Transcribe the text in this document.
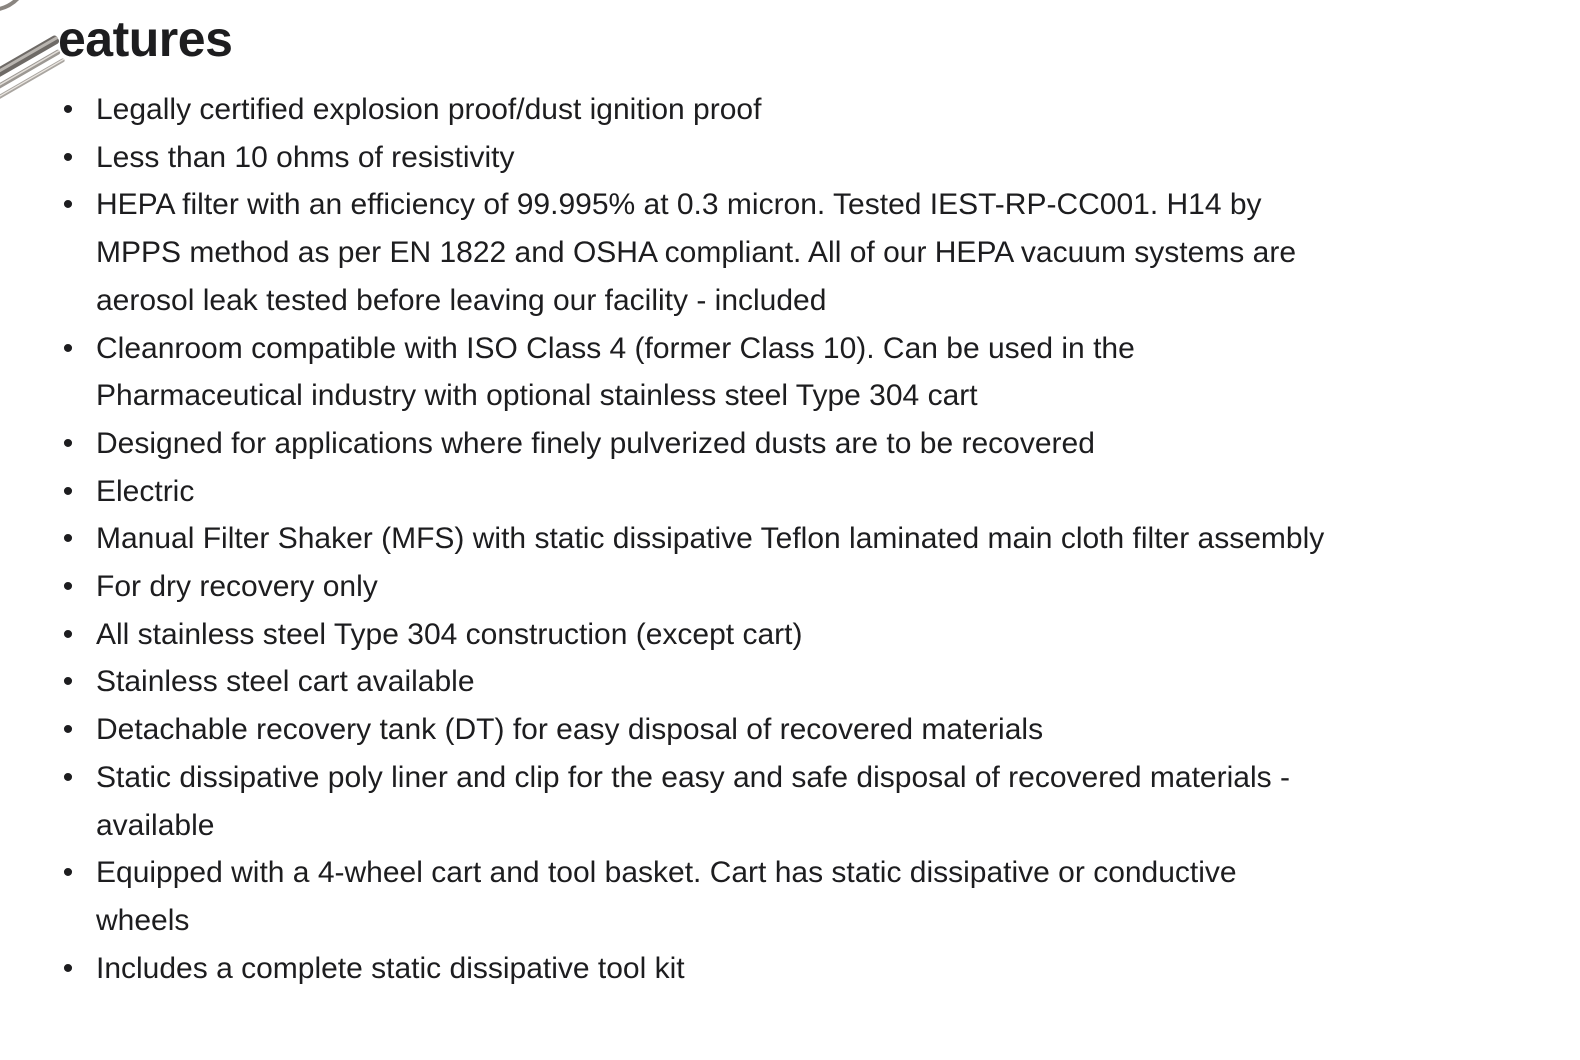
eatures
• Legally certified explosion proof/dust ignition proof
• Less than 10 ohms of resistivity
• HEPA filter with an efficiency of 99.995% at 0.3 micron. Tested IEST-RP-CC001. H14 by MPPS method as per EN 1822 and OSHA compliant. All of our HEPA vacuum systems are aerosol leak tested before leaving our facility - included
• Cleanroom compatible with ISO Class 4 (former Class 10). Can be used in the Pharmaceutical industry with optional stainless steel Type 304 cart
• Designed for applications where finely pulverized dusts are to be recovered
• Electric
• Manual Filter Shaker (MFS) with static dissipative Teflon laminated main cloth filter assembly
• For dry recovery only
• All stainless steel Type 304 construction (except cart)
• Stainless steel cart available
• Detachable recovery tank (DT) for easy disposal of recovered materials
• Static dissipative poly liner and clip for the easy and safe disposal of recovered materials - available
• Equipped with a 4-wheel cart and tool basket. Cart has static dissipative or conductive wheels
• Includes a complete static dissipative tool kit
